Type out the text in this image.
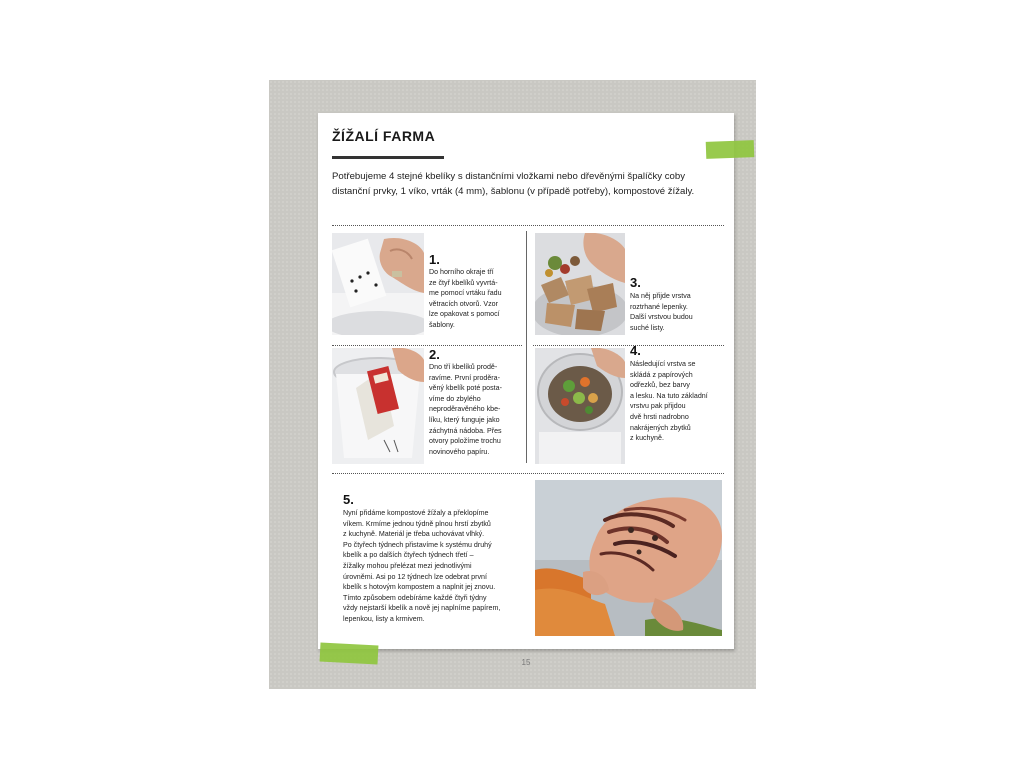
ŽÍŽALÍ FARMA
Potřebujeme 4 stejné kbelíky s distančními vložkami nebo dřevěnými špalíčky coby distanční prvky, 1 víko, vrták (4 mm), šablonu (v případě potřeby), kompostové žížaly.
1.
Do horního okraje tří
ze čtyř kbelíků vyvrtá-
me pomocí vrtáku řadu
větracích otvorů. Vzor
lze opakovat s pomocí
šablony.
2.
Dno tří kbelíků prodě-
ravíme. První proděra-
věný kbelík poté posta-
víme do zbylého
neproděravěného kbe-
líku, který funguje jako
záchytná nádoba. Přes
otvory položíme trochu
novinového papíru.
3.
Na něj přijde vrstva
roztrhané lepenky.
Další vrstvou budou
suché listy.
4.
Následující vrstva se
skládá z papírových
odřezků, bez barvy
a lesku. Na tuto základní
vrstvu pak přijdou
dvě hrsti nadrobno
nakrájených zbytků
z kuchyně.
5.
Nyní přidáme kompostové žížaly a překlopíme
víkem. Krmíme jednou týdně plnou hrstí zbytků
z kuchyně. Materiál je třeba uchovávat vlhký.
Po čtyřech týdnech přistavíme k systému druhý
kbelík a po dalších čtyřech týdnech třetí –
žížalky mohou přelézat mezi jednotlivými
úrovněmi. Asi po 12 týdnech lze odebrat první
kbelík s hotovým kompostem a naplnit jej znovu.
Tímto způsobem odebíráme každé čtyři týdny
vždy nejstarší kbelík a nově jej naplníme papírem,
lepenkou, listy a krmivem.
15
